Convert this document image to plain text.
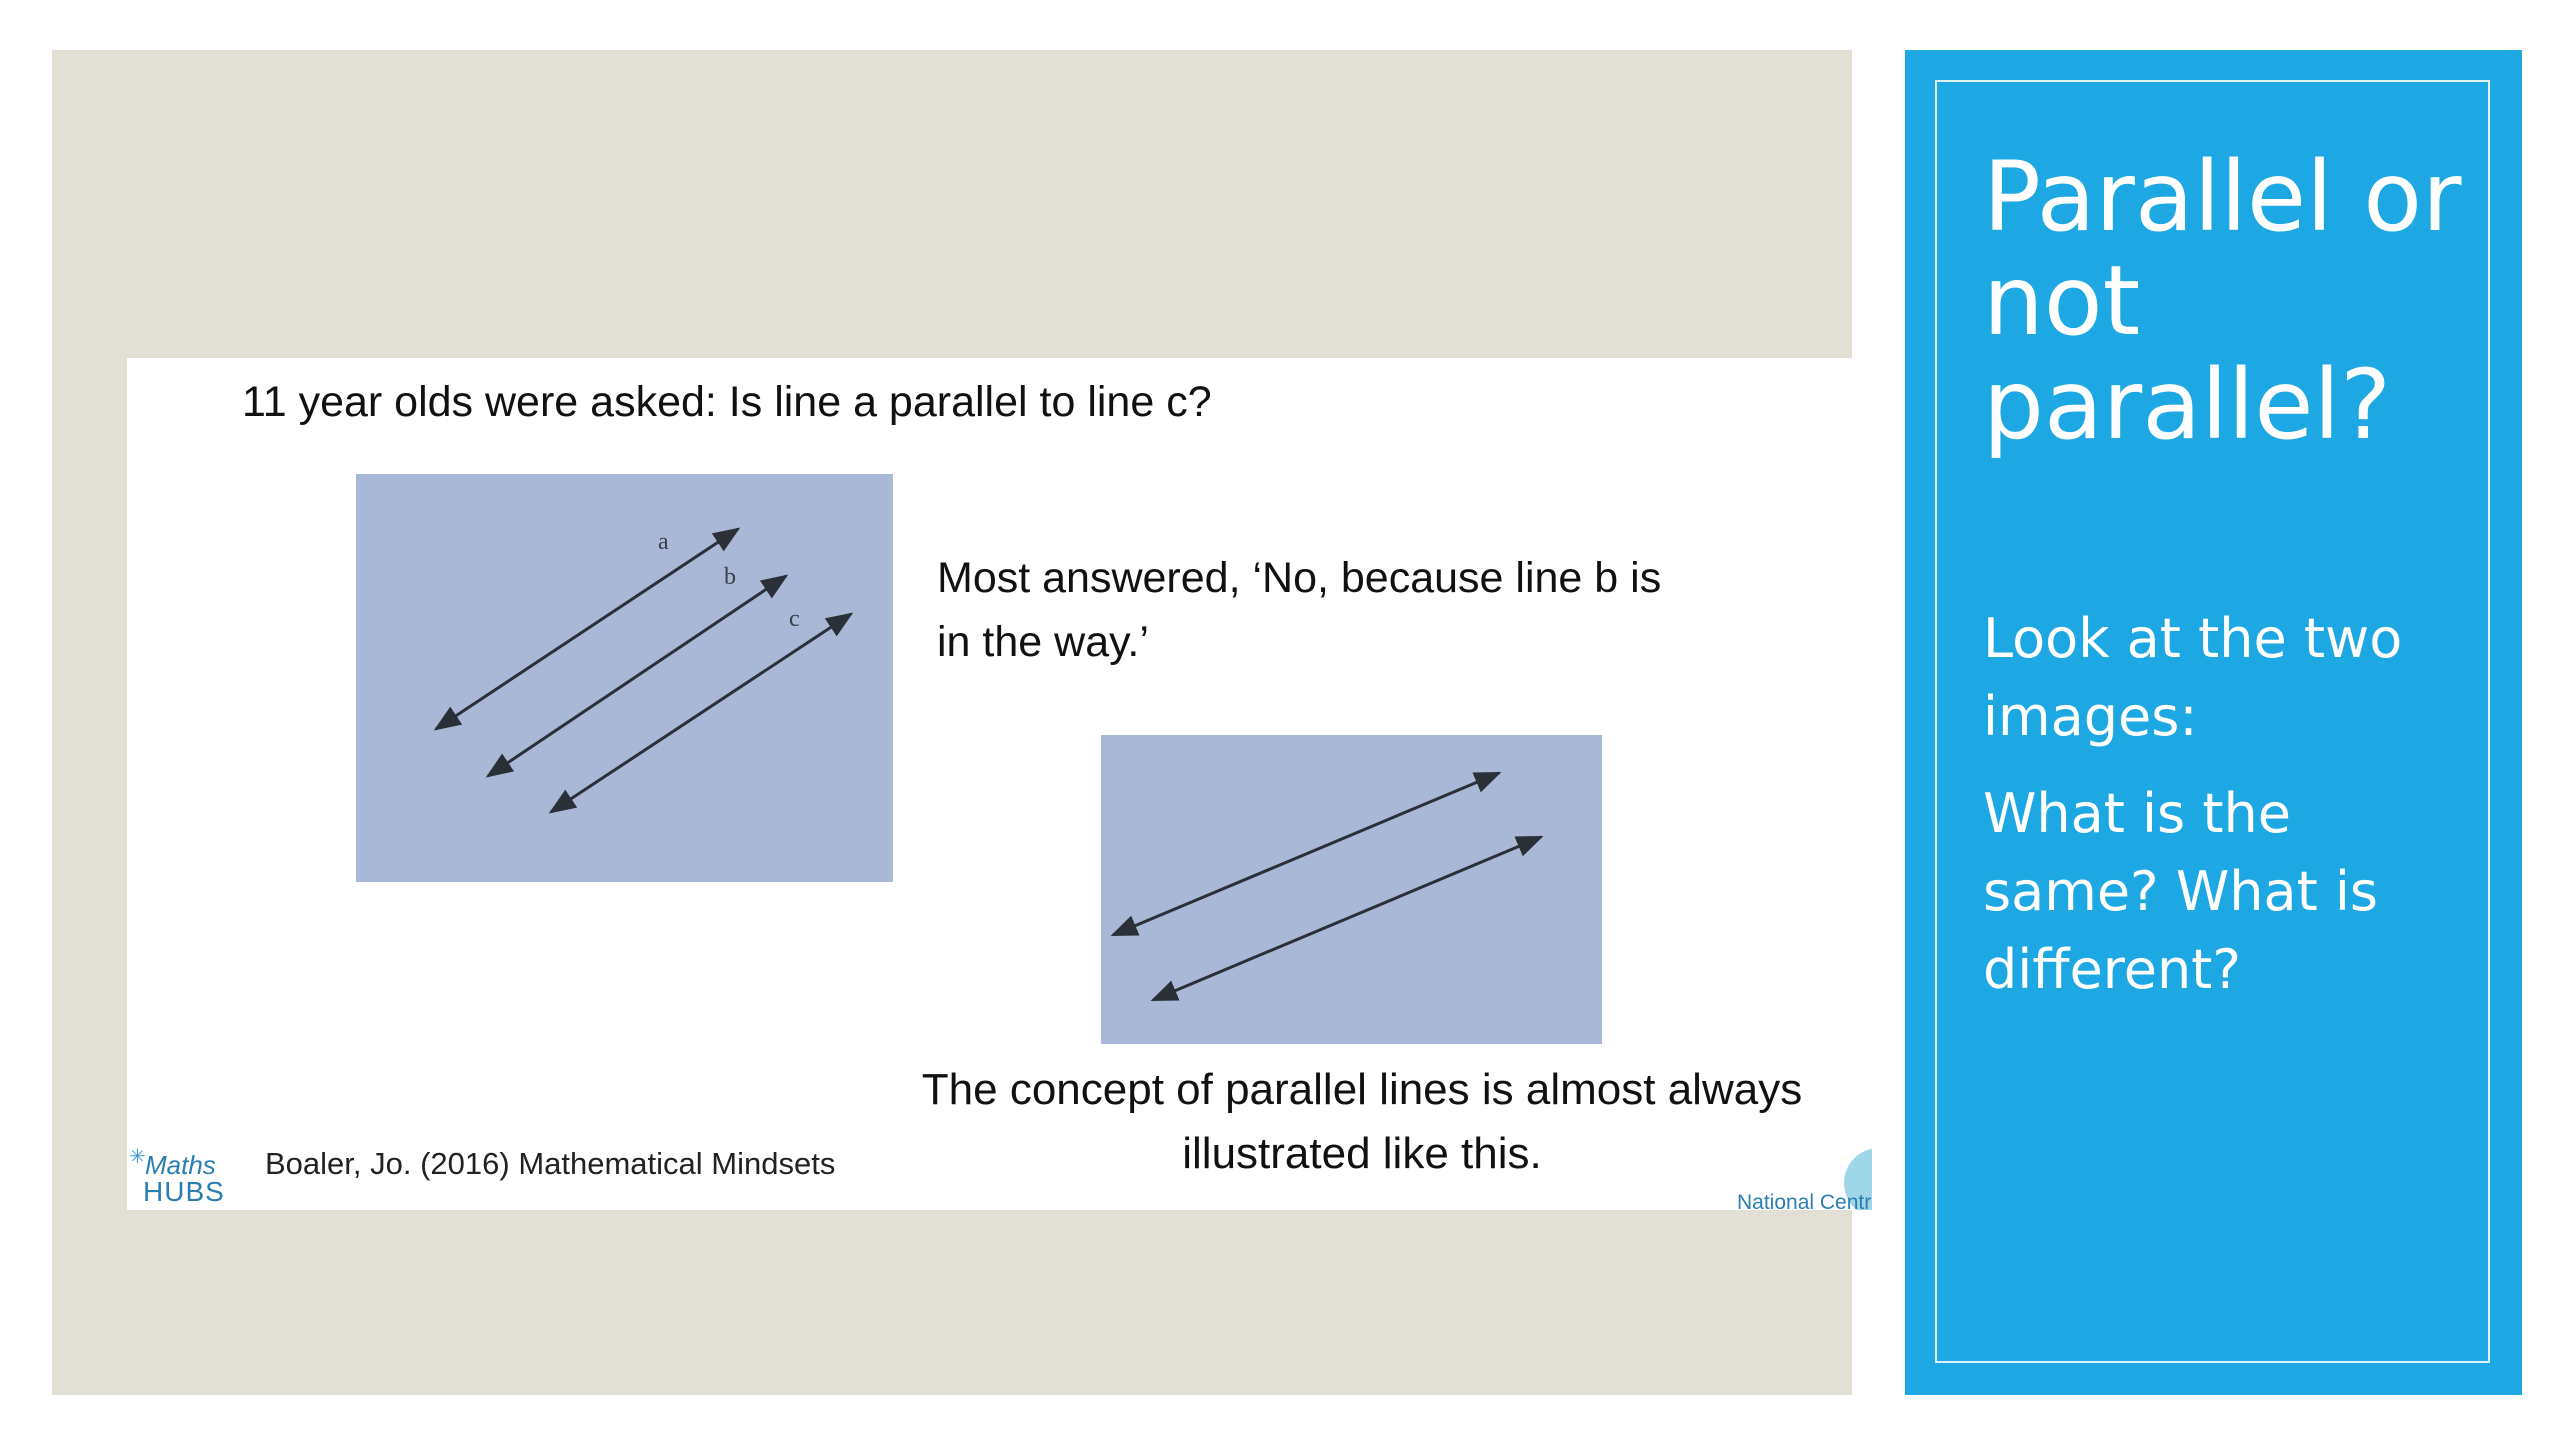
11 year olds were asked: Is line a parallel to line c?
a
b
c
Most answered, ‘No, because line b is
in the way.’
The concept of parallel lines is almost always
illustrated like this.
✳ Maths
HUBS
Boaler, Jo. (2016) Mathematical Mindsets
National Centr
Parallel or
not
parallel?
Look at the two
images:
What is the
same? What is
different?
